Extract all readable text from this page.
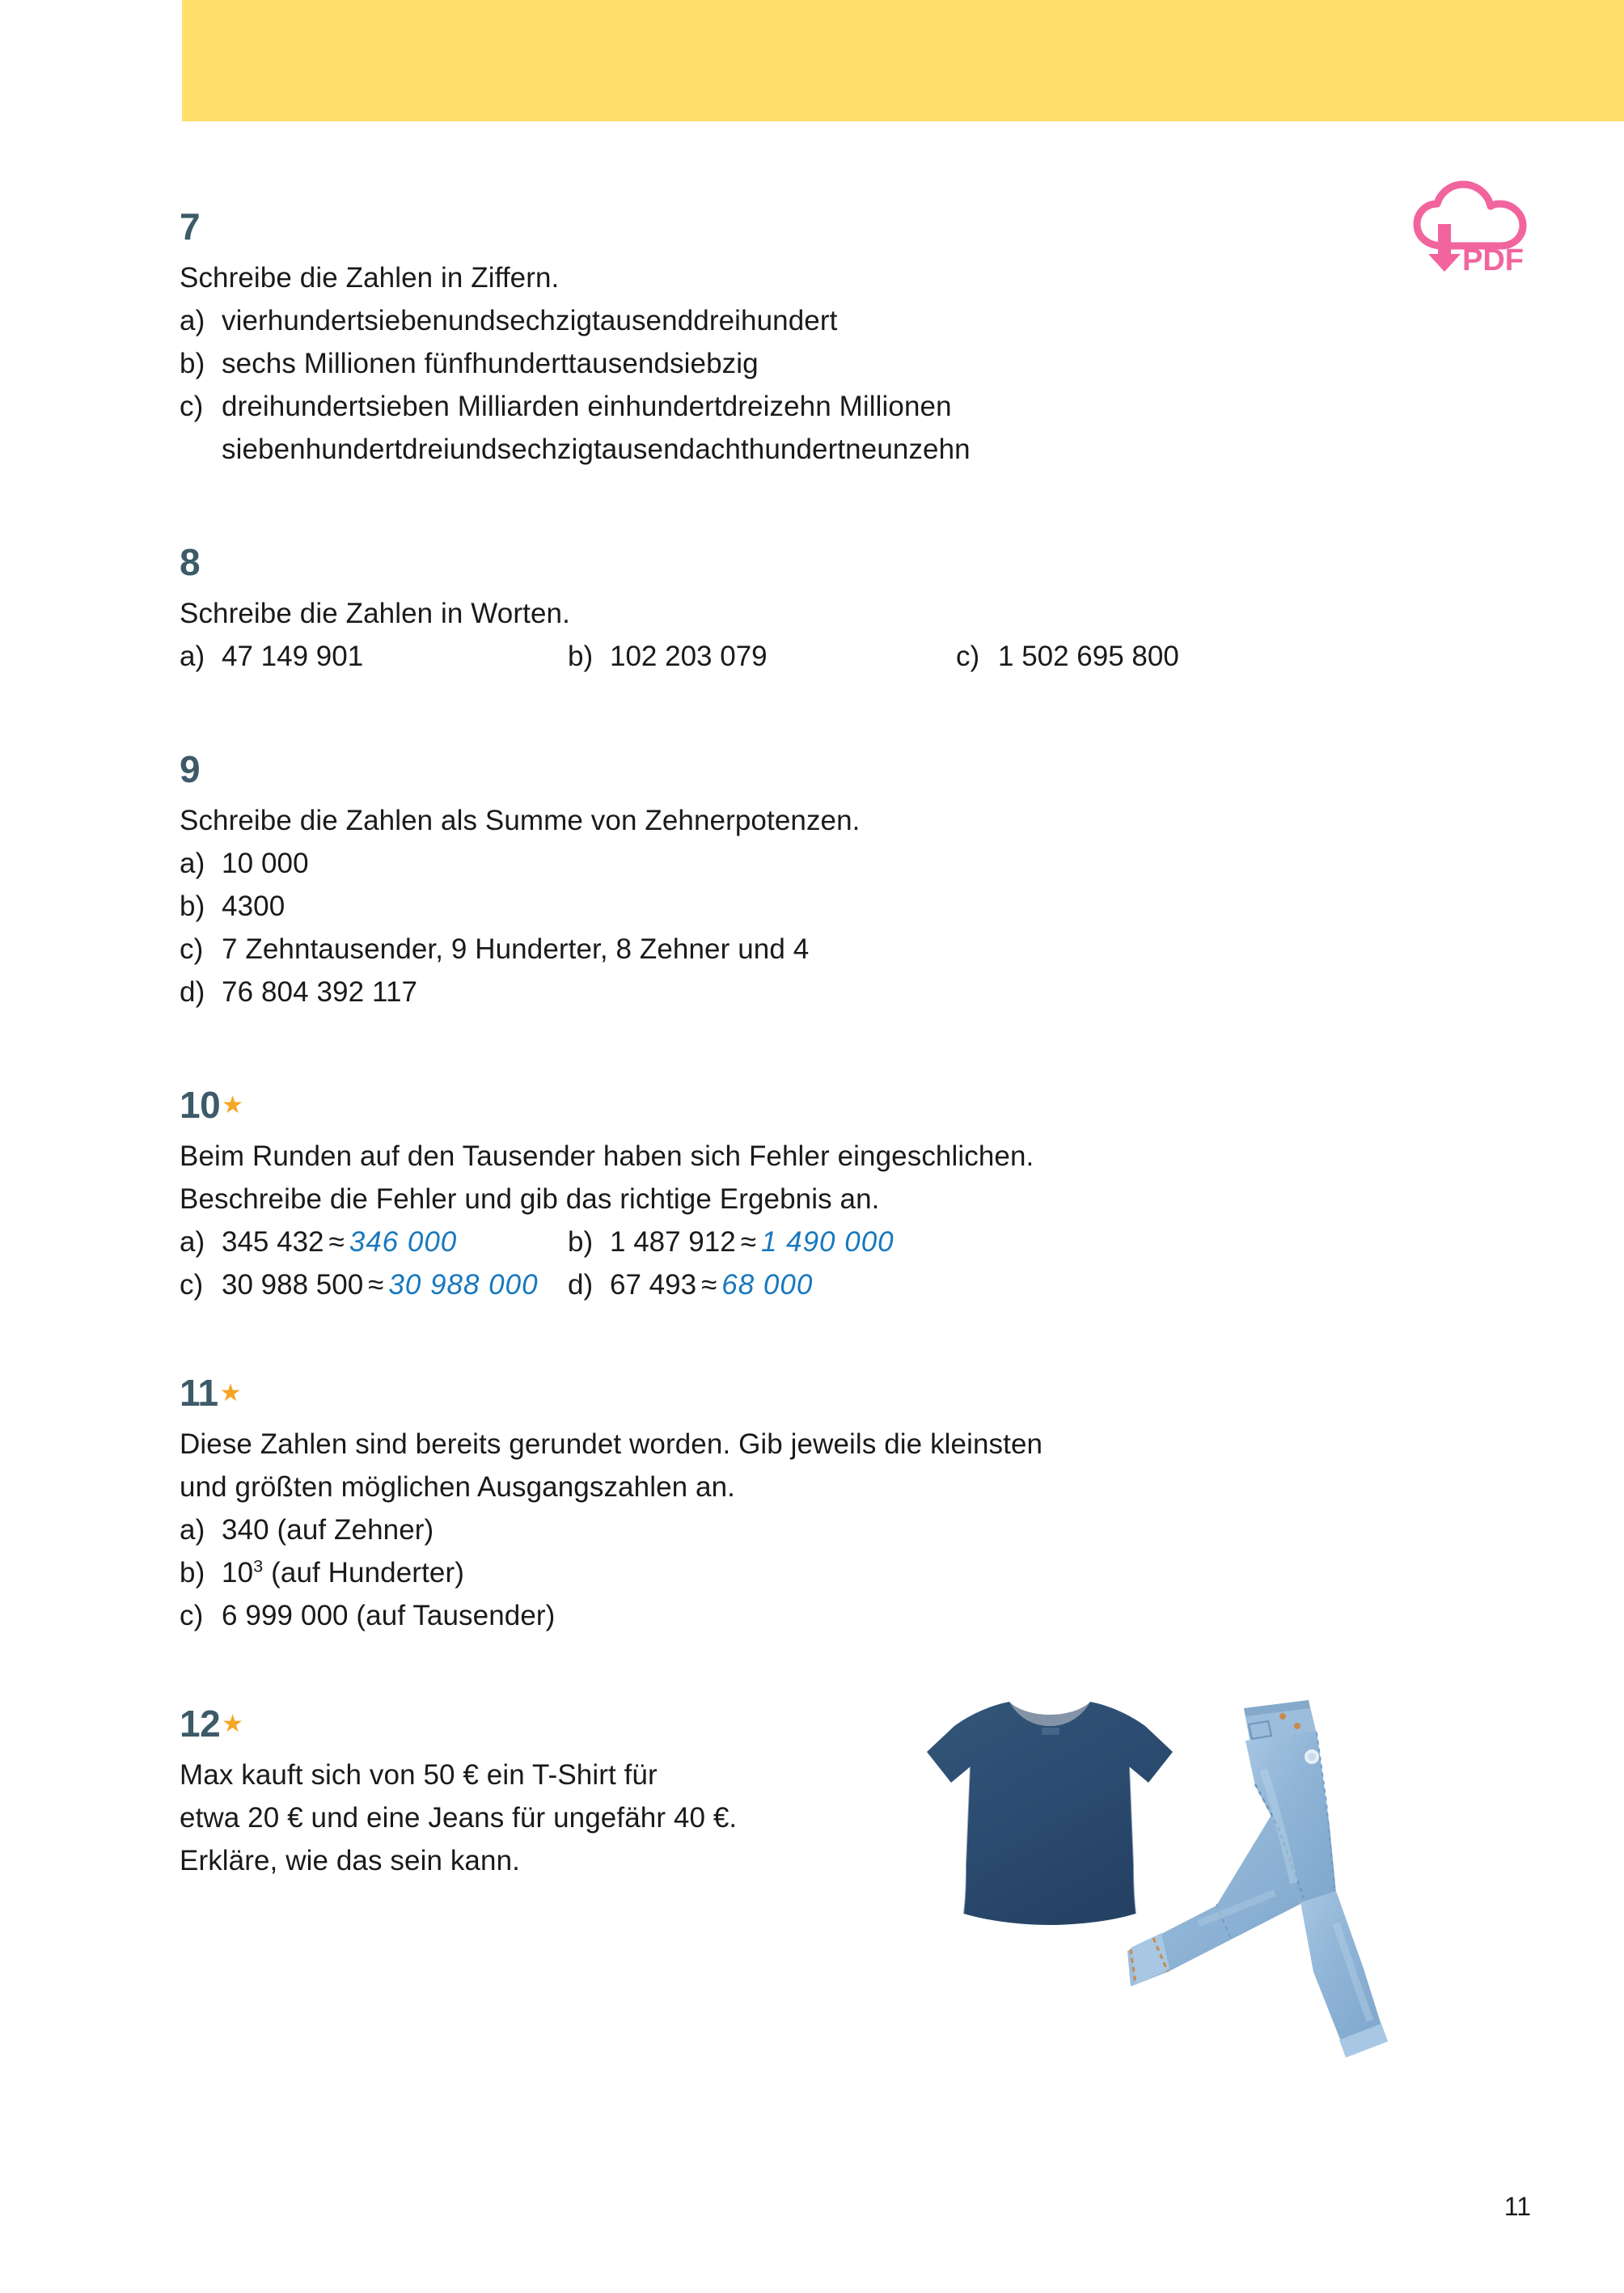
PDF
7

Schreibe die Zahlen in Ziffern.

a) vierhundertsiebenundsechzigtausenddreihundert
b) sechs Millionen fünfhunderttausendsiebzig
c) dreihundertsieben Milliarden einhundertdreizehn Millionen
siebenhundertdreiundsechzigtausendachthundertneunzehn
8

Schreibe die Zahlen in Worten.

a) 47 149 901	b) 102 203 079	c) 1 502 695 800
9

Schreibe die Zahlen als Summe von Zehnerpotenzen.

a) 10 000
b) 4300
c) 7 Zehntausender, 9 Hunderter, 8 Zehner und 4
d) 76 804 392 117
10★

Beim Runden auf den Tausender haben sich Fehler eingeschlichen.

Beschreibe die Fehler und gib das richtige Ergebnis an.

a) 345 432 ≈ 346 000	b) 1 487 912 ≈ 1 490 000
c) 30 988 500 ≈ 30 988 000 d) 67 493 ≈ 68 000
11★

Diese Zahlen sind bereits gerundet worden. Gib jeweils die kleinsten

und größten möglichen Ausgangszahlen an.

a) 340 (auf Zehner)
b) $10^3$ (auf Hunderter)
c) 6 999 000 (auf Tausender)
12★

Max kauft sich von 50 € ein T-Shirt für

etwa 20 € und eine Jeans für ungefähr 40 €.

Erkläre, wie das sein kann.

11
